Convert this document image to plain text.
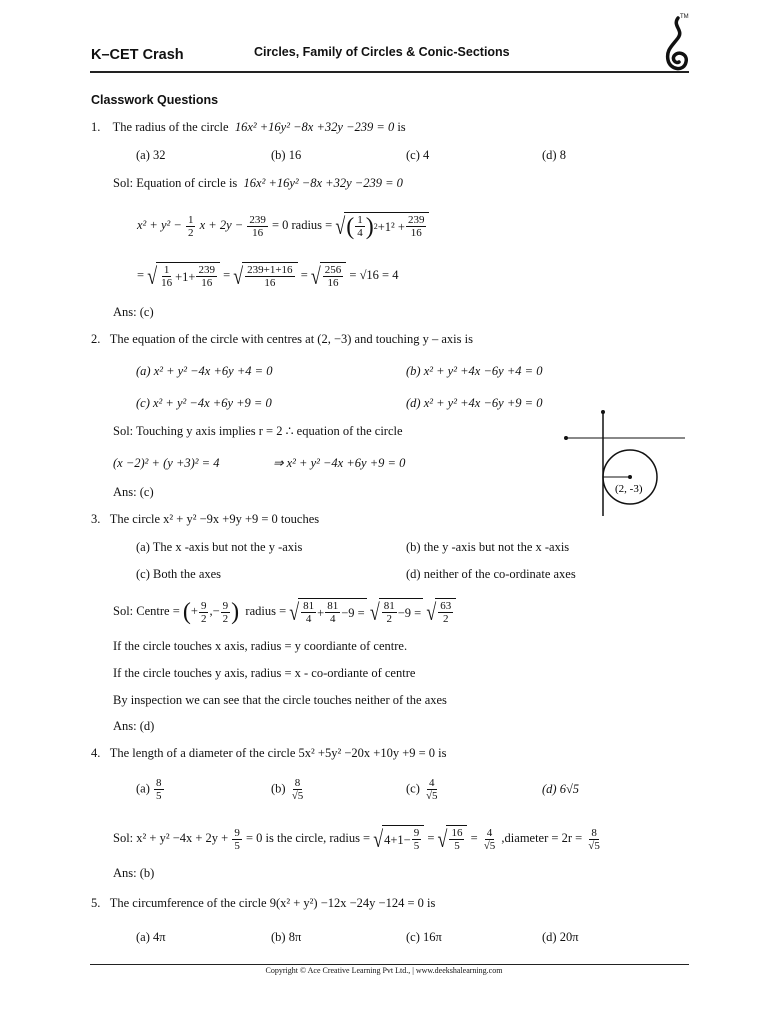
K–CET Crash	Circles, Family of Circles & Conic-Sections
TM
Classwork Questions
1. The radius of the circle 16x² +16y² −8x +32y −239 = 0 is
(a) 32	(b) 16	(c) 4	(d) 8
Sol: Equation of circle is 16x² +16y² −8x +32y −239 = 0
$x^2 + y^2 - \frac{1}{2}$ $x + 2y - \frac{239}{16} = 0$ radius = √ ( $\frac{1}{4}$ ) $2 +1^2 + \frac{239}{16}$
= √ $\frac{1}{16} +1+ \frac{239}{16}$ = √ $\frac{239+1+16}{16}$ = √ $\frac{256}{16} = √16 = 4$
Ans: (c)
2. The equation of the circle with centres at (2, −3) and touching y – axis is
(a) x² + y² −4x +6y +4 = 0	(b) x² + y² +4x −6y +4 = 0
(c) x² + y² −4x +6y +9 = 0	(d) x² + y² +4x −6y +9 = 0
Sol: Touching y axis implies r = 2 ∴ equation of the circle
(x −2)² + (y +3)² = 4	⇒ x² + y² −4x +6y +9 = 0
Ans: (c)	(2, -3)
3. The circle x² + y² −9x +9y +9 = 0 touches
(a) The x -axis but not the y -axis	(b) the y -axis but not the x -axis
(c) Both the axes	(d) neither of the co-ordinate axes
Sol: Centre = (+ $\frac{9}{2}$ ,− $\frac{9}{2}$ ) radius = √ $\frac{81}{4} + \frac{81}{4} -9$ =
√ $\frac{81}{2} -9$ =
√ $\frac{63}{2}$
If the circle touches x axis, radius = y coordiante of centre.
If the circle touches y axis, radius = x - co-ordiante of centre
By inspection we can see that the circle touches neither of the axes
Ans: (d)
4. The length of a diameter of the circle 5x² +5y² −20x +10y +9 = 0 is
$(a) \frac{8}{5}$	$(b) \frac{8}{√5}$	$(c) \frac{4}{√5}$	(d) 6√5
Sol: $x^2 + y^2 -4x + 2y + \frac{9}{5} = 0$ is the circle, radius = √ $4+1- \frac{9}{5}$ = √ $\frac{16}{5} = \frac{4}{√5}$ ,diameter = $2r = \frac{8}{√5}$
Ans: (b)
5. The circumference of the circle 9(x² + y²) −12x −24y −124 = 0 is
(a) 4π	(b) 8π	(c) 16π	(d) 20π
Copyright © Ace Creative Learning Pvt Ltd., | www.deekshalearning.com
